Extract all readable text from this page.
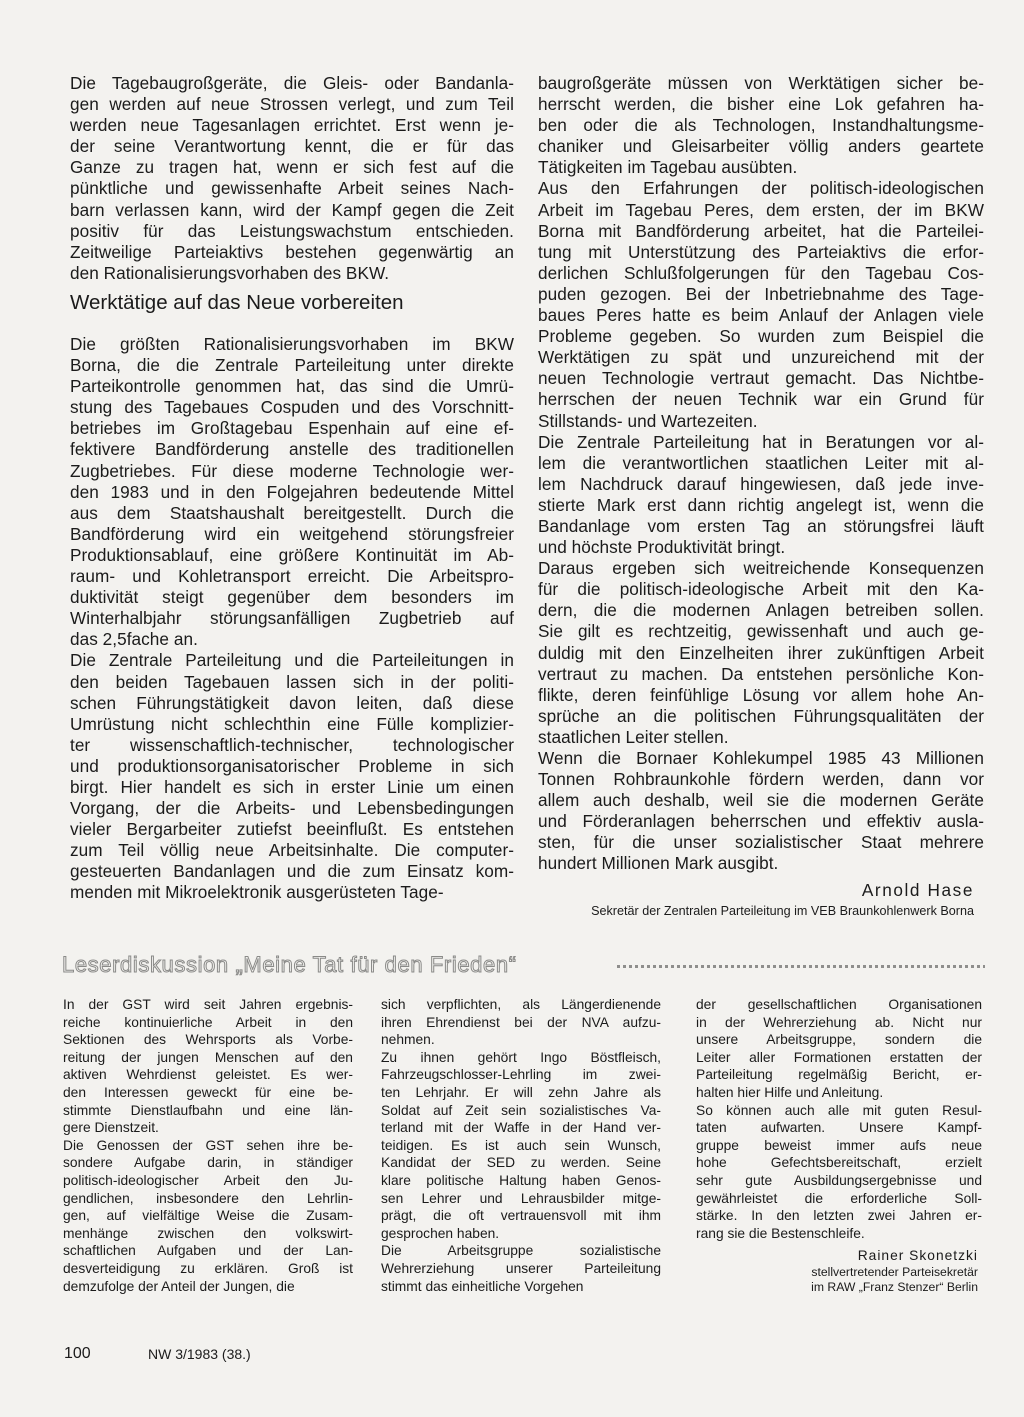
Die Tagebaugroßgeräte, die Gleis- oder Bandanla-
gen werden auf neue Strossen verlegt, und zum Teil
werden neue Tagesanlagen errichtet. Erst wenn je-
der seine Verantwortung kennt, die er für das
Ganze zu tragen hat, wenn er sich fest auf die
pünktliche und gewissenhafte Arbeit seines Nach-
barn verlassen kann, wird der Kampf gegen die Zeit
positiv für das Leistungswachstum entschieden.
Zeitweilige Parteiaktivs bestehen gegenwärtig an
den Rationalisierungsvorhaben des BKW.
Werktätige auf das Neue vorbereiten
Die größten Rationalisierungsvorhaben im BKW
Borna, die die Zentrale Parteileitung unter direkte
Parteikontrolle genommen hat, das sind die Umrü-
stung des Tagebaues Cospuden und des Vorschnitt-
betriebes im Großtagebau Espenhain auf eine ef-
fektivere Bandförderung anstelle des traditionellen
Zugbetriebes. Für diese moderne Technologie wer-
den 1983 und in den Folgejahren bedeutende Mittel
aus dem Staatshaushalt bereitgestellt. Durch die
Bandförderung wird ein weitgehend störungsfreier
Produktionsablauf, eine größere Kontinuität im Ab-
raum- und Kohletransport erreicht. Die Arbeitspro-
duktivität steigt gegenüber dem besonders im
Winterhalbjahr störungsanfälligen Zugbetrieb auf
das 2,5fache an.
Die Zentrale Parteileitung und die Parteileitungen in
den beiden Tagebauen lassen sich in der politi-
schen Führungstätigkeit davon leiten, daß diese
Umrüstung nicht schlechthin eine Fülle komplizier-
ter wissenschaftlich-technischer, technologischer
und produktionsorganisatorischer Probleme in sich
birgt. Hier handelt es sich in erster Linie um einen
Vorgang, der die Arbeits- und Lebensbedingungen
vieler Bergarbeiter zutiefst beeinflußt. Es entstehen
zum Teil völlig neue Arbeitsinhalte. Die computer-
gesteuerten Bandanlagen und die zum Einsatz kom-
menden mit Mikroelektronik ausgerüsteten Tage-
baugroßgeräte müssen von Werktätigen sicher be-
herrscht werden, die bisher eine Lok gefahren ha-
ben oder die als Technologen, Instandhaltungsme-
chaniker und Gleisarbeiter völlig anders geartete
Tätigkeiten im Tagebau ausübten.
Aus den Erfahrungen der politisch-ideologischen
Arbeit im Tagebau Peres, dem ersten, der im BKW
Borna mit Bandförderung arbeitet, hat die Parteilei-
tung mit Unterstützung des Parteiaktivs die erfor-
derlichen Schlußfolgerungen für den Tagebau Cos-
puden gezogen. Bei der Inbetriebnahme des Tage-
baues Peres hatte es beim Anlauf der Anlagen viele
Probleme gegeben. So wurden zum Beispiel die
Werktätigen zu spät und unzureichend mit der
neuen Technologie vertraut gemacht. Das Nichtbe-
herrschen der neuen Technik war ein Grund für
Stillstands- und Wartezeiten.
Die Zentrale Parteileitung hat in Beratungen vor al-
lem die verantwortlichen staatlichen Leiter mit al-
lem Nachdruck darauf hingewiesen, daß jede inve-
stierte Mark erst dann richtig angelegt ist, wenn die
Bandanlage vom ersten Tag an störungsfrei läuft
und höchste Produktivität bringt.
Daraus ergeben sich weitreichende Konsequenzen
für die politisch-ideologische Arbeit mit den Ka-
dern, die die modernen Anlagen betreiben sollen.
Sie gilt es rechtzeitig, gewissenhaft und auch ge-
duldig mit den Einzelheiten ihrer zukünftigen Arbeit
vertraut zu machen. Da entstehen persönliche Kon-
flikte, deren feinfühlige Lösung vor allem hohe An-
sprüche an die politischen Führungsqualitäten der
staatlichen Leiter stellen.
Wenn die Bornaer Kohlekumpel 1985 43 Millionen
Tonnen Rohbraunkohle fördern werden, dann vor
allem auch deshalb, weil sie die modernen Geräte
und Förderanlagen beherrschen und effektiv ausla-
sten, für die unser sozialistischer Staat mehrere
hundert Millionen Mark ausgibt.
Arnold Hase
Sekretär der Zentralen Parteileitung im VEB Braunkohlenwerk Borna
Leserdiskussion „Meine Tat für den Frieden“
In der GST wird seit Jahren ergebnis-
reiche kontinuierliche Arbeit in den
Sektionen des Wehrsports als Vorbe-
reitung der jungen Menschen auf den
aktiven Wehrdienst geleistet. Es wer-
den Interessen geweckt für eine be-
stimmte Dienstlaufbahn und eine län-
gere Dienstzeit.
Die Genossen der GST sehen ihre be-
sondere Aufgabe darin, in ständiger
politisch-ideologischer Arbeit den Ju-
gendlichen, insbesondere den Lehrlin-
gen, auf vielfältige Weise die Zusam-
menhänge zwischen den volkswirt-
schaftlichen Aufgaben und der Lan-
desverteidigung zu erklären. Groß ist
demzufolge der Anteil der Jungen, die
sich verpflichten, als Längerdienende
ihren Ehrendienst bei der NVA aufzu-
nehmen.
Zu ihnen gehört Ingo Böstfleisch,
Fahrzeugschlosser-Lehrling im zwei-
ten Lehrjahr. Er will zehn Jahre als
Soldat auf Zeit sein sozialistisches Va-
terland mit der Waffe in der Hand ver-
teidigen. Es ist auch sein Wunsch,
Kandidat der SED zu werden. Seine
klare politische Haltung haben Genos-
sen Lehrer und Lehrausbilder mitge-
prägt, die oft vertrauensvoll mit ihm
gesprochen haben.
Die Arbeitsgruppe sozialistische
Wehrerziehung unserer Parteileitung
stimmt das einheitliche Vorgehen
der gesellschaftlichen Organisationen
in der Wehrerziehung ab. Nicht nur
unsere Arbeitsgruppe, sondern die
Leiter aller Formationen erstatten der
Parteileitung regelmäßig Bericht, er-
halten hier Hilfe und Anleitung.
So können auch alle mit guten Resul-
taten aufwarten. Unsere Kampf-
gruppe beweist immer aufs neue
hohe Gefechtsbereitschaft, erzielt
sehr gute Ausbildungsergebnisse und
gewährleistet die erforderliche Soll-
stärke. In den letzten zwei Jahren er-
rang sie die Bestenschleife.
Rainer Skonetzki
stellvertretender Parteisekretär
im RAW „Franz Stenzer“ Berlin
100	NW 3/1983 (38.)
